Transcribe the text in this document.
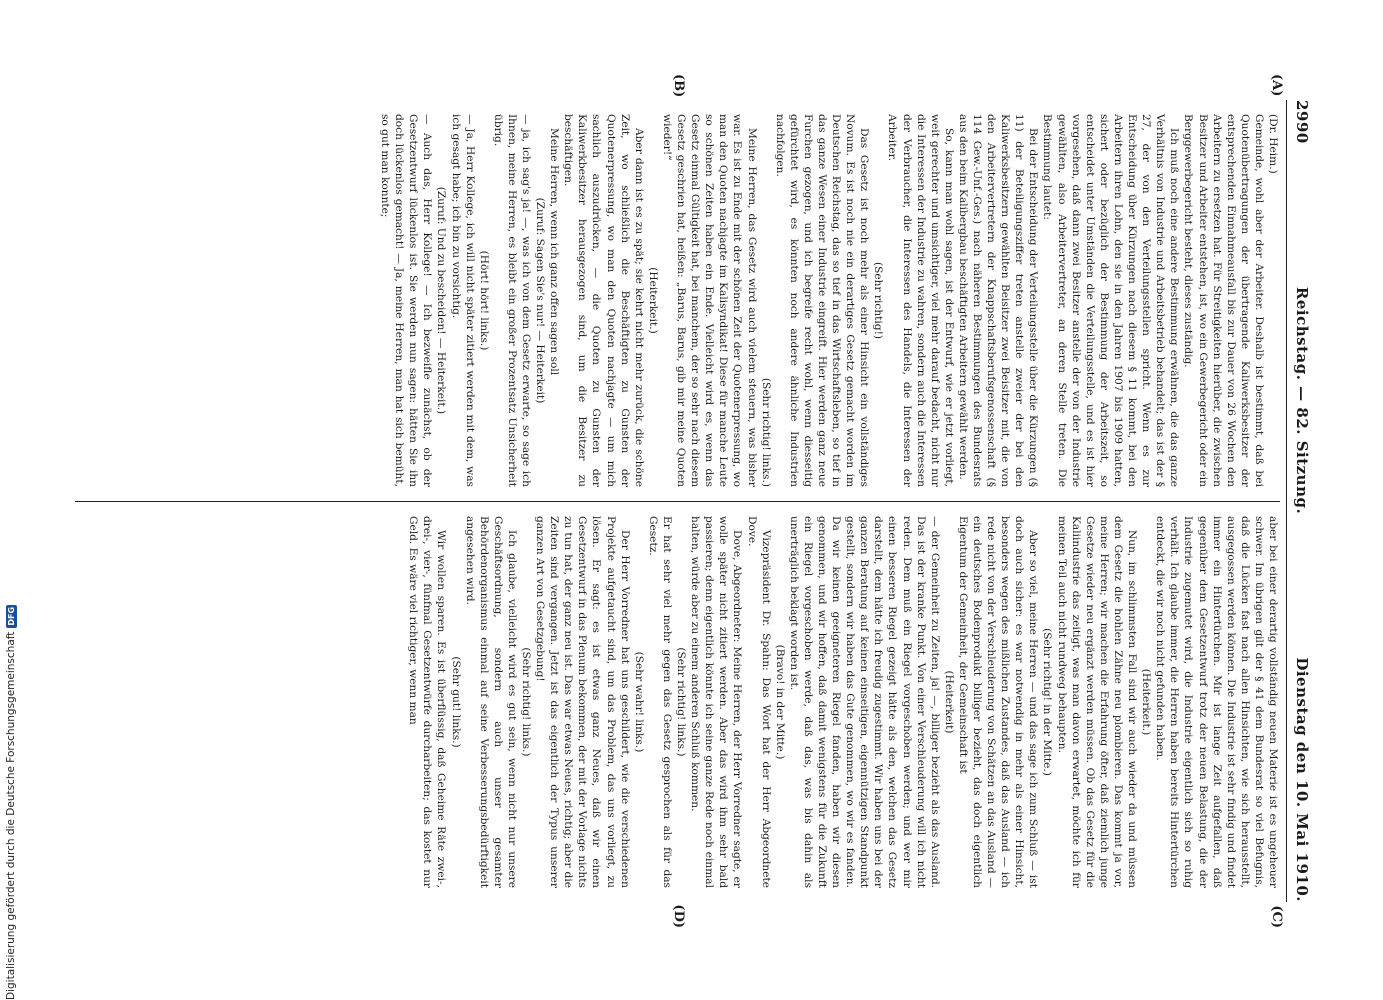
2990
Reichstag. — 82. Sitzung.
Dienstag den 10. Mai 1910.

(Dr. Heim.)

Gemeinde, wohl aber der Arbeiter. Deshalb ist bestimmt, daß bei Quotenübertragungen der übertragende Kaliwerksbesitzer der entsprechenden Einnahmeausfall bis zur Dauer von 26 Wochen den Arbeitern zu ersetzen hat. Für Streitigkeiten hierüber, die zwischen Besitzer und Arbeiter entstehen, ist, wo ein Gewerbegericht oder ein Berggewerbegericht besteht, dieses zuständig.

Ich muß noch eine andere Bestimmung erwähnen, die das ganze Verhältnis von Industrie und Arbeitsbetrieb behandelt; das ist der § 27, der von den Verteilungsstellen spricht. Wenn es zur Entscheidung über Kürzungen nach diesem § 11 kommt, bei den Arbeitern ihren Lohn, den sie in den Jahren 1907 bis 1909 hatten, sichert oder bezüglich der Bestimmung der Arbeitszeit, so entscheidet unter Umständen die Verteilungsstelle, und es ist hier vorgesehen, daß dann zwei Besitzer anstelle der von der Industrie gewählten, also Arbeitervertreter, an deren Stelle treten. Die Bestimmung lautet:

Bei der Entscheidung der Verteilungsstelle über die Kürzungen (§ 11) der Beteiligungsziffer treten anstelle zweier der bei den Kaliwerksbesitzern gewählten Beisitzer zwei Beisitzer mit, die von den Arbeitervertretern der Knappschaftsberufsgenossenschaft (§ 114 Gew.-Unf.-Ges.) nach näheren Bestimmungen des Bundesrats aus den beim Kalibergbau beschäftigten Arbeitern gewählt werden.

So, kann man wohl sagen, ist der Entwurf, wie er jetzt vorliegt, weit gerechter und umsichtiger, viel mehr darauf bedacht, nicht nur die Interessen der Industrie zu wahren, sondern auch die Interessen der Verbraucher, die Interessen des Handels, die Interessen der Arbeiter.

(Sehr richtig!)

Das Gesetz ist noch mehr als einer Hinsicht ein vollständiges Novum. Es ist noch nie ein derartiges Gesetz gemacht worden im Deutschen Reichstag, das so tief in das Wirtschaftsleben, so tief in das ganze Wesen einer Industrie eingreift. Hier werden ganz neue Furchen gezogen, und ich begreife recht wohl, wenn diesseitig gefürchtet wird, es könnten noch andere ähnliche Industrien nachfolgen.

(Sehr richtig! links.)

Meine Herren, das Gesetz wird auch vielem steuern, was bisher war. Es ist zu Ende mit der schönen Zeit der Quotenerpressung, wo man den Quoten nachjagte im Kalisyndikat! Diese für manche Leute so schönen Zeiten haben ein Ende. Vielleicht wird es, wenn das Gesetz einmal Gültigkeit hat, bei manchem, der so sehr nach diesem Gesetz geschrien hat, heißen: „Barus, Barus, gib mir meine Quoten wieder!“

(Heiterkeit.)

Aber dann ist es zu spät; sie kehrt nicht mehr zurück, die schöne Zeit, wo schließlich die Beschäftigten zu Gunsten der Quotenerpressung, wo man den Quoten nachjagte — um mich sachlich auszudrücken, — die Quoten zu Gunsten der Kaliwerkbesitzer herausgezogen sind, um die Besitzer zu beschäftigen.

Meine Herren, wenn ich ganz offen sagen soll

(Zuruf: Sagen Sie's nur! — Heiterkeit)

— ja, ich sag's ja! —, was ich von dem Gesetz erwarte, so sage ich Ihnen, meine Herren, es bleibt ein großer Prozentsatz Unsicherheit übrig.

(Hört! hört! links.)

— Ja, Herr Kollege, ich will nicht später zitiert werden mit dem, was ich gesagt habe; ich bin zu vorsichtig.

(Zuruf: Und zu bescheiden! — Heiterkeit.)

— Auch das, Herr Kollege! — Ich bezweifle zunächst, ob der Gesetzentwurf lückenlos ist. Sie werden nun sagen: hätten Sie ihn doch lückenlos gemacht! — Ja, meine Herren, man hat sich bemüht, so gut man konnte;

aber bei einer derartig vollständig neuen Materie ist es ungeheuer schwer. Im übrigen gilt der § 41 dem Bundesrat so viel Befugnis, daß die Lücken fast nach allen Hinsichten, wie sich herausstellt, ausgegossen werden können. Die Industrie ist sehr findig und findet immer ein Hintertürchen. Mir ist lange Zeit aufgefallen, daß gegenüber dem Gesetzentwurf trotz der neuen Belastung, die der Industrie zugemutet wird, die Industrie eigentlich sich so ruhig verhält. Ich glaube immer, die Herren haben bereits Hintertürchen entdeckt, die wir noch nicht gefunden haben.

(Heiterkeit.)

Nun, im schlimmsten Fall sind wir auch wieder da und müssen dem Gesetz die hohlen Zähne neu plombieren. Das kommt ja vor, meine Herren; wir machen die Erfahrung öfter, daß ziemlich junge Gesetze wieder neu ergänzt werden müssen. Ob das Gesetz für die Kaliindustrie das zeitigt, was man davon erwartet, möchte ich für meinen Teil auch nicht rundweg behaupten.

(Sehr richtig! in der Mitte.)

Aber so viel, meine Herren — und das sage ich zum Schluß — ist doch auch sicher: es war notwendig in mehr als einer Hinsicht, besonders wegen des mißlichen Zustandes, daß das Ausland — ich rede nicht von der Verschleuderung von Schätzen an das Ausland — ein deutsches Bodenprodukt billiger bezieht, das doch eigentlich Eigentum der Gemeinheit, der Gemeinschaft ist

(Heiterkeit)

— der Gemeinheit zu Zeiten, ja! —, billiger bezieht als das Ausland. Das ist der kranke Punkt. Von einer Verschleuderung will ich nicht reden. Dem muß ein Riegel vorgeschoben werden; und wer mir einen besseren Riegel gezeigt hätte als den, welchen das Gesetz darstellt, dem hätte ich freudig zugestimmt. Wir haben uns bei der ganzen Beratung auf keinen einseitigen, eigennützigen Standpunkt gestellt, sondern wir haben das Gute genommen, wo wir es fanden. Da wir keinen geeigneteren Riegel fanden, haben wir diesen genommen, und wir hoffen, daß damit wenigstens für die Zukunft ein Riegel vorgeschoben werde, daß das, was bis dahin als unerträglich beklagt worden ist.

(Bravo! in der Mitte.)

Vizepräsident Dr. Spahn: Das Wort hat der Herr Abgeordnete Dove.

Dove, Abgeordneter: Meine Herren, der Herr Vorredner sagte, er wolle später nicht zitiert werden. Aber das wird ihm sehr bald passieren; denn eigentlich könnte ich seine ganze Rede noch einmal halten, würde aber zu einem anderen Schluß kommen.

(Sehr richtig! links.)

Er hat sehr viel mehr gegen das Gesetz gesprochen als für das Gesetz.

(Sehr wahr! links.)

Der Herr Vorredner hat uns geschildert, wie die verschiedenen Projekte aufgetaucht sind, um das Problem, das uns vorliegt, zu lösen. Er sagt: es ist etwas ganz Neues, daß wir einen Gesetzentwurf in das Plenum bekommen, der mit der Vorlage nichts zu tun hat, der ganz neu ist. Das war etwas Neues, richtig; aber die Zeiten sind vergangen. Jetzt ist das eigentlich der Typus unserer ganzen Art von Gesetzgebung!

(Sehr richtig! links.)

Ich glaube, vielleicht wird es gut sein, wenn nicht nur unsere Geschäftsordnung, sondern auch unser gesamter Behördenorganismus einmal auf seine Verbesserungsbedürftigkeit angesehen wird.

(Sehr gut! links.)

Wir wollen sparen. Es ist überflüssig, daß Geheime Räte zwei-, drei-, vier-, fünfmal Gesetzentwürfe durcharbeiten; das kostet nur Geld. Es wäre viel richtiger, wenn man

(A)
(B)
(C)
(D)
Digitalisierung gefördert durch die Deutsche Forschungsgemeinschaft
DFG
